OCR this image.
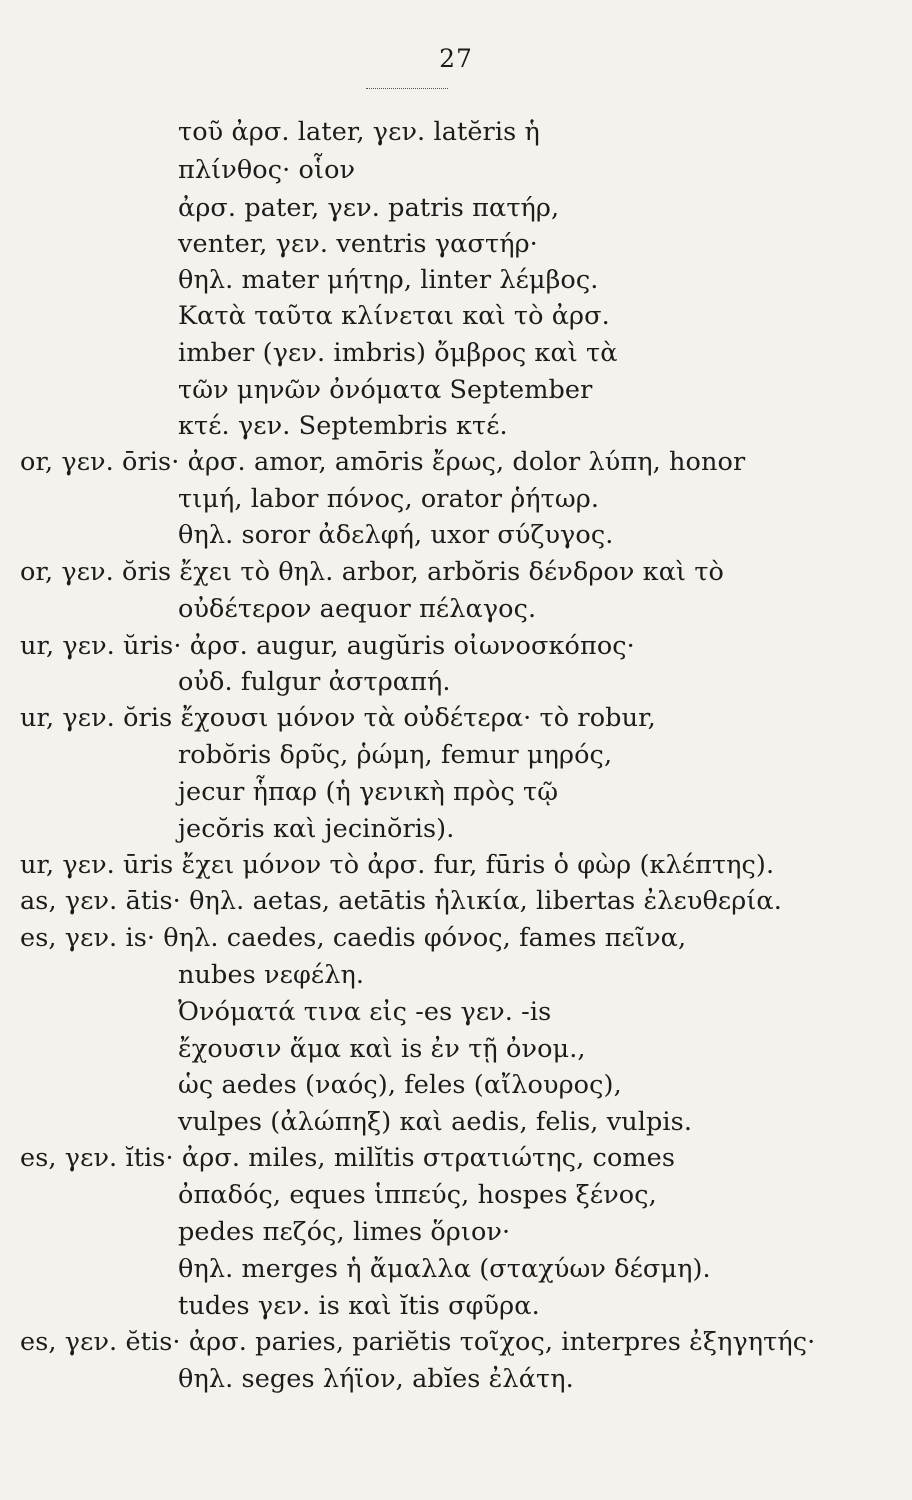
27
τοῦ ἀρσ. later, γεν. latĕris ἡ
πλίνθος· οἷον
ἀρσ. pater, γεν. patris πατήρ,
venter, γεν. ventris γαστήρ·
θηλ. mater μήτηρ, linter λέμβος.
Κατὰ ταῦτα κλίνεται καὶ τὸ ἀρσ.
imber (γεν. imbris) ὄμβρος καὶ τὰ
τῶν μηνῶν ὀνόματα September
κτέ. γεν. Septembris κτέ.
or, γεν. ōris· ἀρσ. amor, amōris ἔρως, dolor λύπη, honor
τιμή, labor πόνος, orator ῥήτωρ.
θηλ. soror ἀδελφή, uxor σύζυγος.
or, γεν. ŏris ἔχει τὸ θηλ. arbor, arbŏris δένδρον καὶ τὸ
οὐδέτερον aequor πέλαγος.
ur, γεν. ŭris· ἀρσ. augur, augŭris οἰωνοσκόπος·
οὐδ. fulgur ἀστραπή.
ur, γεν. ŏris ἔχουσι μόνον τὰ οὐδέτερα· τὸ robur,
robŏris δρῦς, ῥώμη, femur μηρός,
jecur ἧπαρ (ἡ γενικὴ πρὸς τῷ
jecŏris καὶ jecinŏris).
ur, γεν. ūris ἔχει μόνον τὸ ἀρσ. fur, fūris ὁ φὼρ (κλέπτης).
as, γεν. ātis· θηλ. aetas, aetātis ἡλικία, libertas ἐλευθερία.
es, γεν. is· θηλ. caedes, caedis φόνος, fames πεῖνα,
nubes νεφέλη.
Ὀνόματά τινα εἰς -es γεν. -is
ἔχουσιν ἅμα καὶ is ἐν τῇ ὀνομ.,
ὡς aedes (ναός), feles (αἴλουρος),
vulpes (ἀλώπηξ) καὶ aedis, felis, vulpis.
es, γεν. ĭtis· ἀρσ. miles, milĭtis στρατιώτης, comes
ὀπαδός, eques ἱππεύς, hospes ξένος,
pedes πεζός, limes ὅριον·
θηλ. merges ἡ ἄμαλλα (σταχύων δέσμη).
tudes γεν. is καὶ ĭtis σφῦρα.
es, γεν. ĕtis· ἀρσ. paries, pariĕtis τοῖχος, interpres ἐξηγητής·
θηλ. seges λήϊον, abĭes ἐλάτη.
